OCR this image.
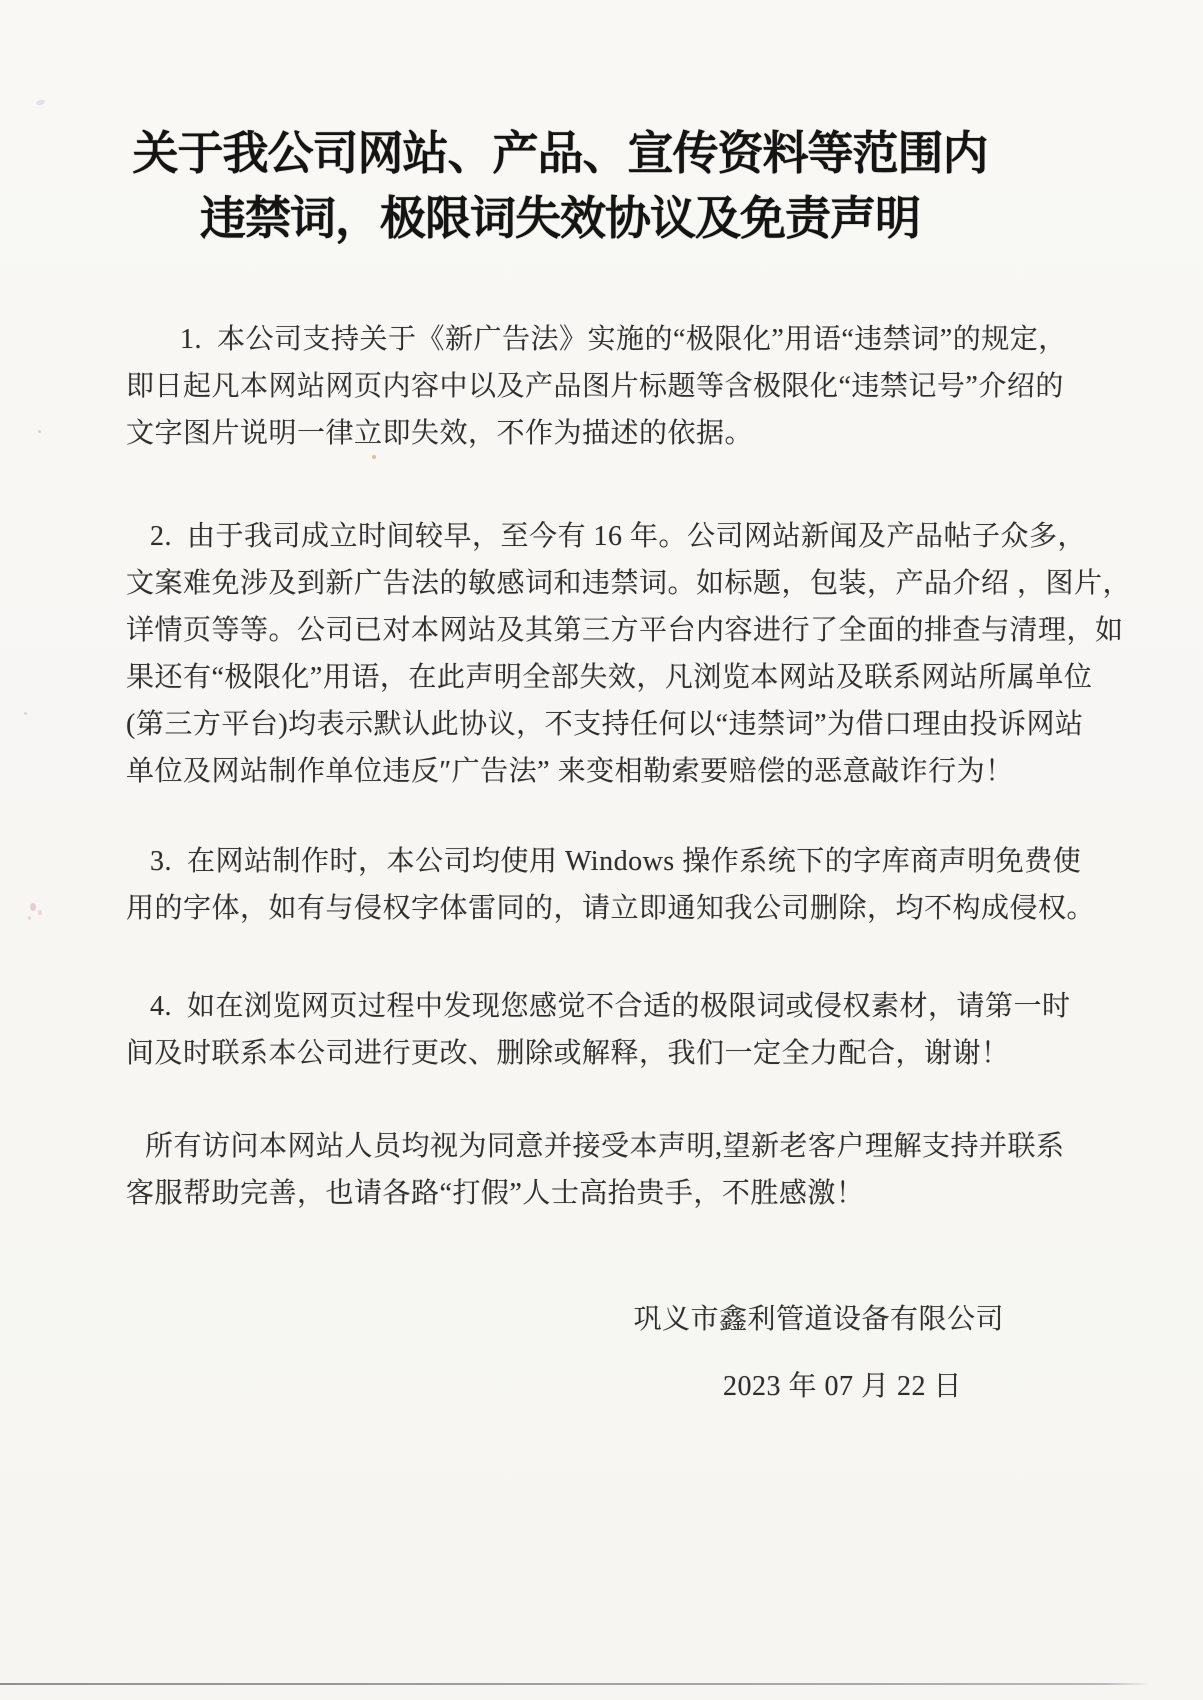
关于我公司网站、产品、宣传资料等范围内
违禁词，极限词失效协议及免责声明

1.  本公司支持关于《新广告法》实施的“极限化”用语“违禁词”的规定，
即日起凡本网站网页内容中以及产品图片标题等含极限化“违禁记号”介绍的
文字图片说明一律立即失效，不作为描述的依据。

2.  由于我司成立时间较早，至今有 16 年。公司网站新闻及产品帖子众多，
文案难免涉及到新广告法的敏感词和违禁词。如标题，包装，产品介绍 ，图片，
详情页等等。公司已对本网站及其第三方平台内容进行了全面的排查与清理，如
果还有“极限化”用语，在此声明全部失效，凡浏览本网站及联系网站所属单位
(第三方平台)均表示默认此协议，不支持任何以“违禁词”为借口理由投诉网站
单位及网站制作单位违反″广告法” 来变相勒索要赔偿的恶意敲诈行为！

3.  在网站制作时，本公司均使用 Windows 操作系统下的字库商声明免费使
用的字体，如有与侵权字体雷同的，请立即通知我公司删除，均不构成侵权。

4.  如在浏览网页过程中发现您感觉不合适的极限词或侵权素材，请第一时
间及时联系本公司进行更改、删除或解释，我们一定全力配合，谢谢！

所有访问本网站人员均视为同意并接受本声明,望新老客户理解支持并联系
客服帮助完善，也请各路“打假”人士高抬贵手，不胜感激！

巩义市鑫利管道设备有限公司
2023 年 07 月 22 日
